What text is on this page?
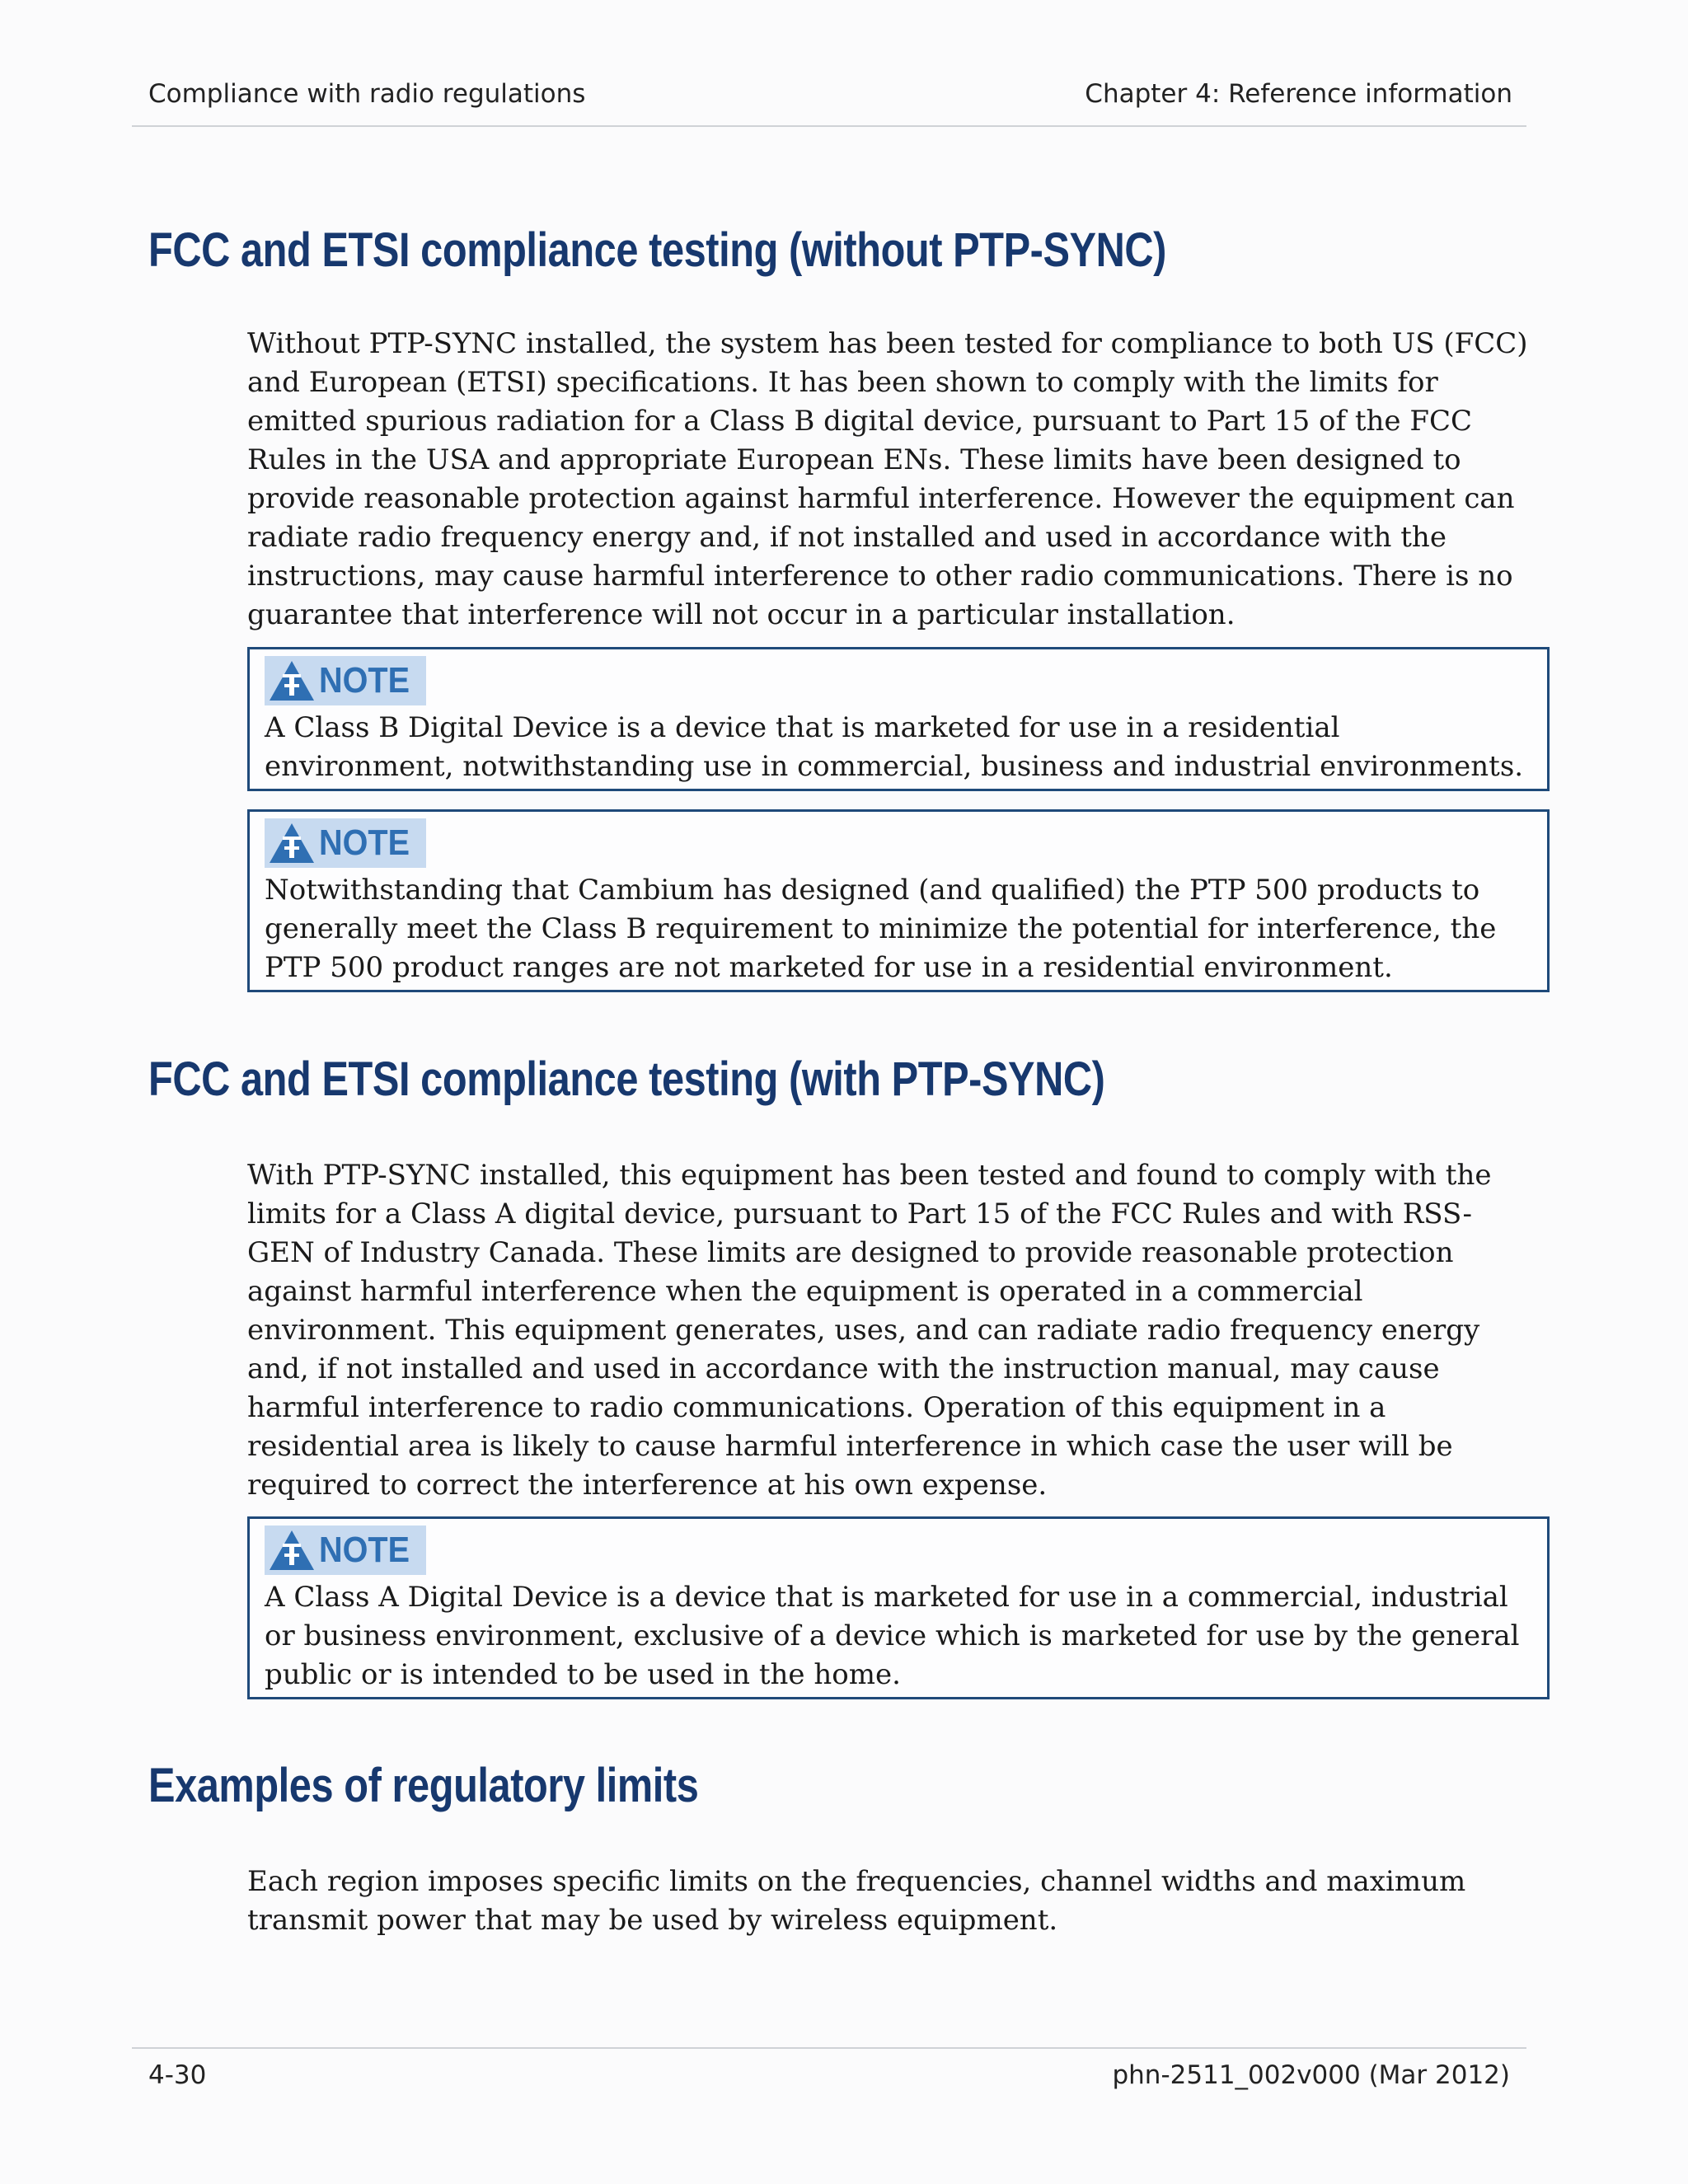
Compliance with radio regulations	Chapter 4: Reference information
FCC and ETSI compliance testing (without PTP-SYNC)

Without PTP-SYNC installed, the system has been tested for compliance to both US (FCC) and European (ETSI) specifications. It has been shown to comply with the limits for emitted spurious radiation for a Class B digital device, pursuant to Part 15 of the FCC Rules in the USA and appropriate European ENs. These limits have been designed to provide reasonable protection against harmful interference. However the equipment can radiate radio frequency energy and, if not installed and used in accordance with the instructions, may cause harmful interference to other radio communications. There is no guarantee that interference will not occur in a particular installation.

NOTE

A Class B Digital Device is a device that is marketed for use in a residential environment, notwithstanding use in commercial, business and industrial environments.

NOTE

Notwithstanding that Cambium has designed (and qualified) the PTP 500 products to generally meet the Class B requirement to minimize the potential for interference, the PTP 500 product ranges are not marketed for use in a residential environment.

FCC and ETSI compliance testing (with PTP-SYNC)

With PTP-SYNC installed, this equipment has been tested and found to comply with the limits for a Class A digital device, pursuant to Part 15 of the FCC Rules and with RSS-GEN of Industry Canada. These limits are designed to provide reasonable protection against harmful interference when the equipment is operated in a commercial environment. This equipment generates, uses, and can radiate radio frequency energy and, if not installed and used in accordance with the instruction manual, may cause harmful interference to radio communications. Operation of this equipment in a residential area is likely to cause harmful interference in which case the user will be required to correct the interference at his own expense.

NOTE

A Class A Digital Device is a device that is marketed for use in a commercial, industrial or business environment, exclusive of a device which is marketed for use by the general public or is intended to be used in the home.

Examples of regulatory limits

Each region imposes specific limits on the frequencies, channel widths and maximum transmit power that may be used by wireless equipment.

4-30	phn-2511_002v000 (Mar 2012)
